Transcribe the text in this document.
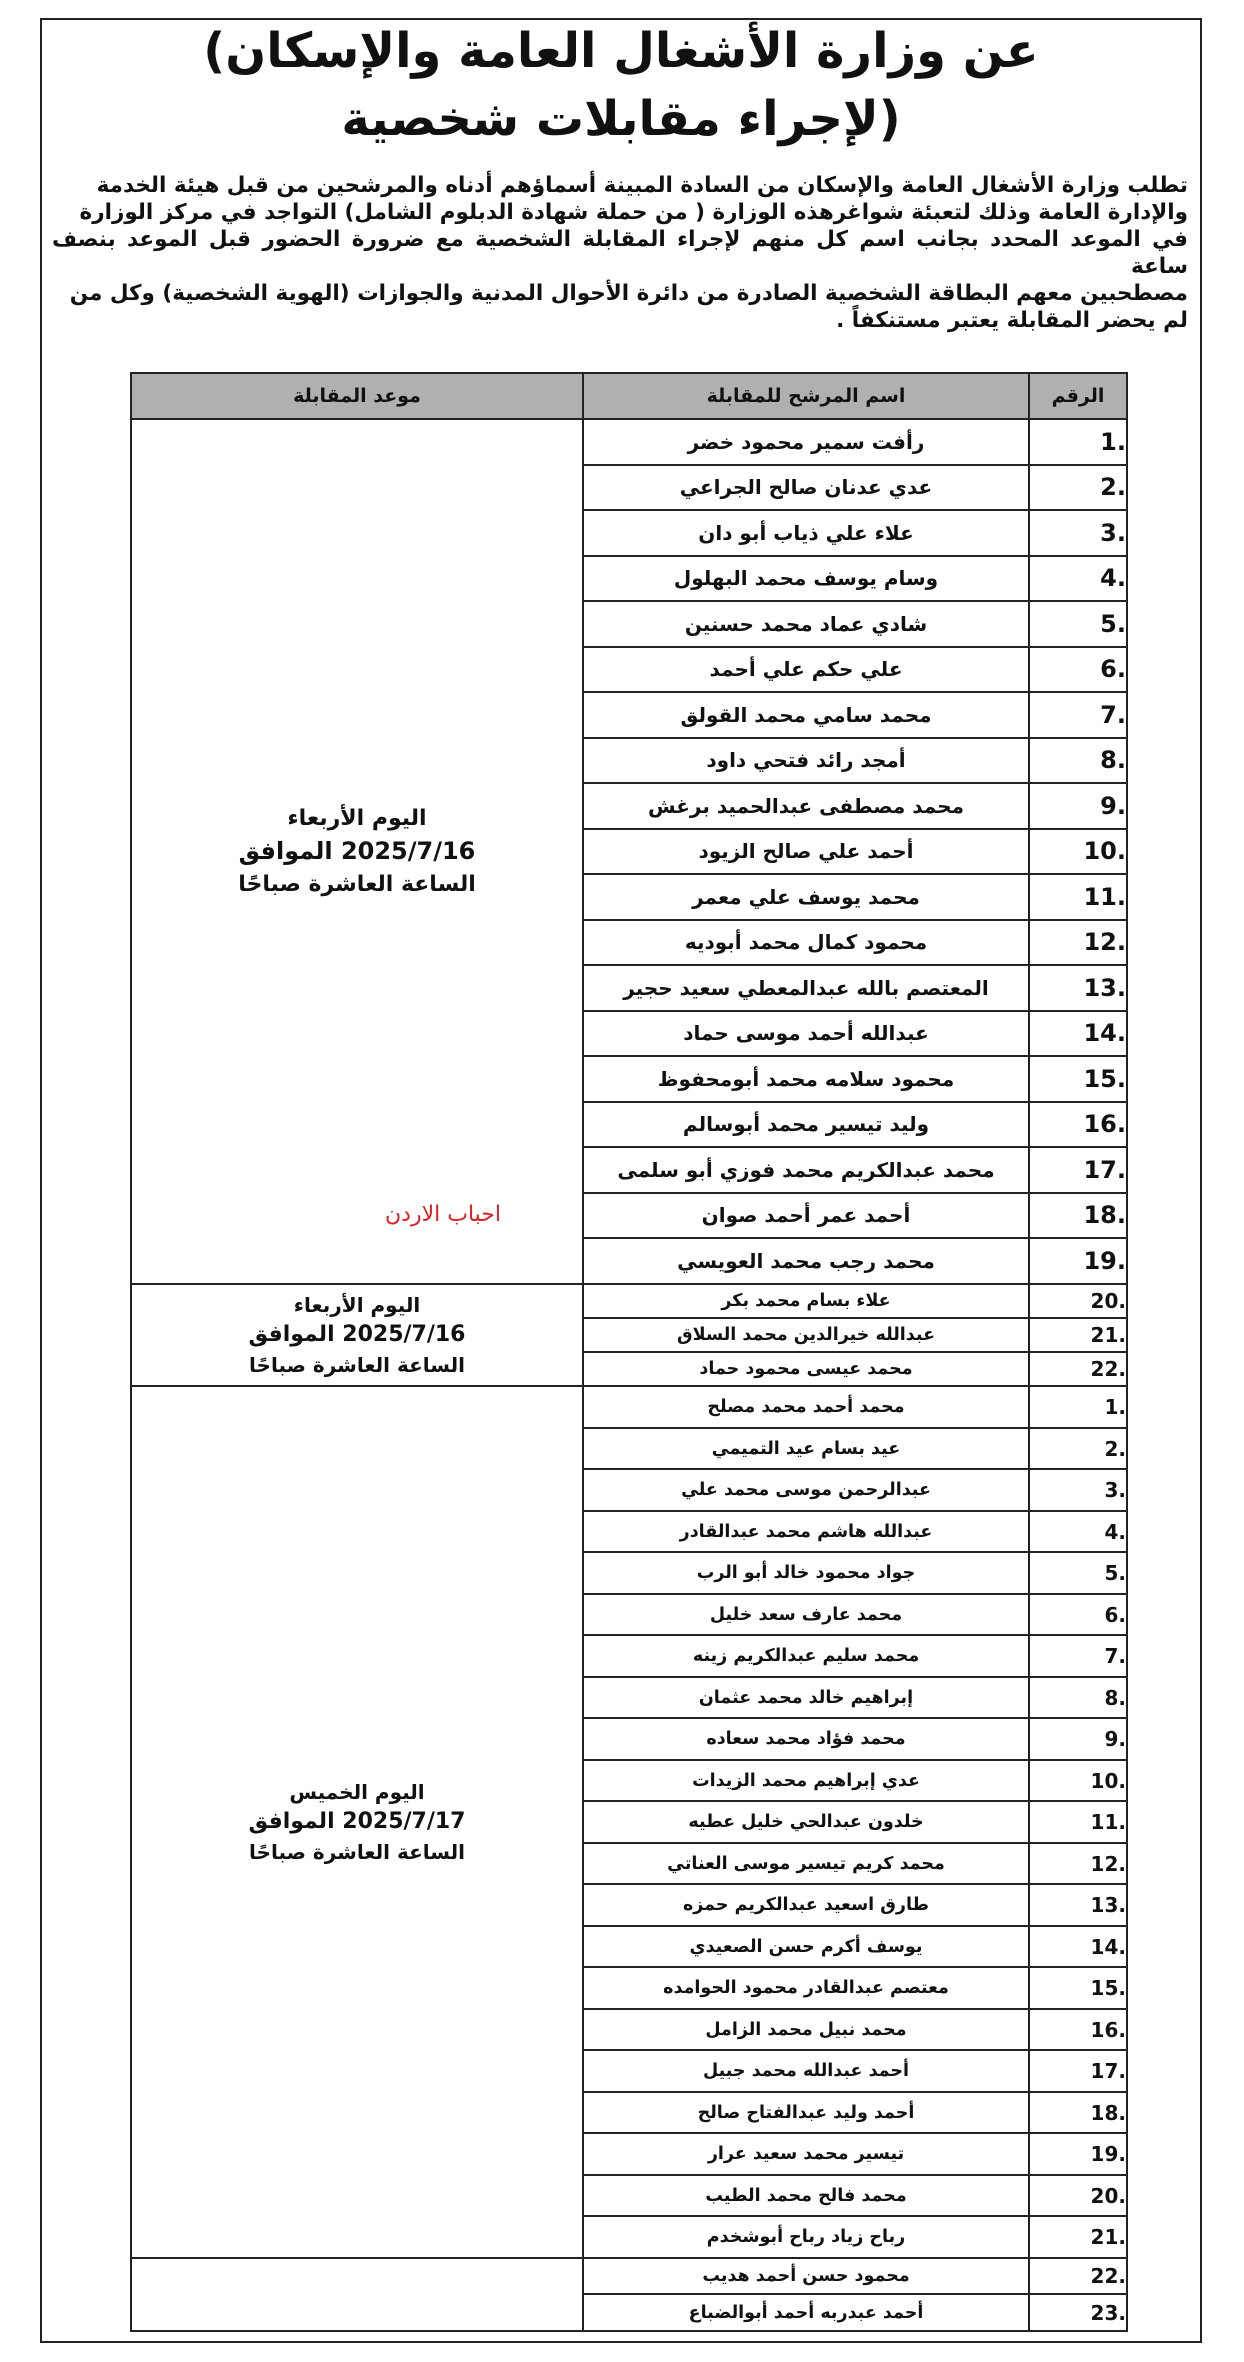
عن وزارة الأشغال العامة والإسكان)
(لإجراء مقابلات شخصية

تطلب وزارة الأشغال العامة والإسكان من السادة المبينة أسماؤهم أدناه والمرشحين من قبل هيئة الخدمة

والإدارة العامة وذلك لتعبئة شواغرهذه الوزارة ( من حملة شهادة الدبلوم الشامل) التواجد في مركز الوزارة

في الموعد المحدد بجانب اسم كل منهم لإجراء المقابلة الشخصية مع ضرورة الحضور قبل الموعد بنصف ساعة

مصطحبين معهم البطاقة الشخصية الصادرة من دائرة الأحوال المدنية والجوازات (الهوية الشخصية) وكل من

لم يحضر المقابلة يعتبر مستنكفاً .

الرقم	اسم المرشح للمقابلة	موعد المقابلة
.1	رأفت سمير محمود خضر	اليوم الأربعاء
2025/7/16 الموافق
الساعة العاشرة صباحًا
احباب الاردن

.2	عدي عدنان صالح الجراعي	
.3	علاء علي ذياب أبو دان	
.4	وسام يوسف محمد البهلول	
.5	شادي عماد محمد حسنين	
.6	علي حكم علي أحمد	
.7	محمد سامي محمد القولق	
.8	أمجد رائد فتحي داود	
.9	محمد مصطفى عبدالحميد برغش	
.10	أحمد علي صالح الزيود	
.11	محمد يوسف علي معمر	
.12	محمود كمال محمد أبوديه	
.13	المعتصم بالله عبدالمعطي سعيد حجير	
.14	عبدالله أحمد موسى حماد	
.15	محمود سلامه محمد أبومحفوظ	
.16	وليد تيسير محمد أبوسالم	
.17	محمد عبدالكريم محمد فوزي أبو سلمى	
.18	أحمد عمر أحمد صوان	
.19	محمد رجب محمد العويسي	
.20	علاء بسام محمد بكر	اليوم الأربعاء
2025/7/16 الموافق
الساعة العاشرة صباحًا

.21	عبدالله خيرالدين محمد السلاق	
.22	محمد عيسى محمود حماد	
.1	محمد أحمد محمد مصلح	اليوم الخميس
2025/7/17 الموافق
الساعة العاشرة صباحًا

.2	عيد بسام عيد التميمي	
.3	عبدالرحمن موسى محمد علي	
.4	عبدالله هاشم محمد عبدالقادر	
.5	جواد محمود خالد أبو الرب	
.6	محمد عارف سعد خليل	
.7	محمد سليم عبدالكريم زينه	
.8	إبراهيم خالد محمد عثمان	
.9	محمد فؤاد محمد سعاده	
.10	عدي إبراهيم محمد الزيدات	
.11	خلدون عبدالحي خليل عطيه	
.12	محمد كريم تيسير موسى العناتي	
.13	طارق اسعيد عبدالكريم حمزه	
.14	يوسف أكرم حسن الصعيدي	
.15	معتصم عبدالقادر محمود الحوامده	
.16	محمد نبيل محمد الزامل	
.17	أحمد عبدالله محمد جبيل	
.18	أحمد وليد عبدالفتاح صالح	
.19	تيسير محمد سعيد عرار	
.20	محمد فالح محمد الطيب	
.21	رباح زياد رباح أبوشخدم	
.22	محمود حسن أحمد هديب	
.23	أحمد عبدربه أحمد أبوالضباع	
